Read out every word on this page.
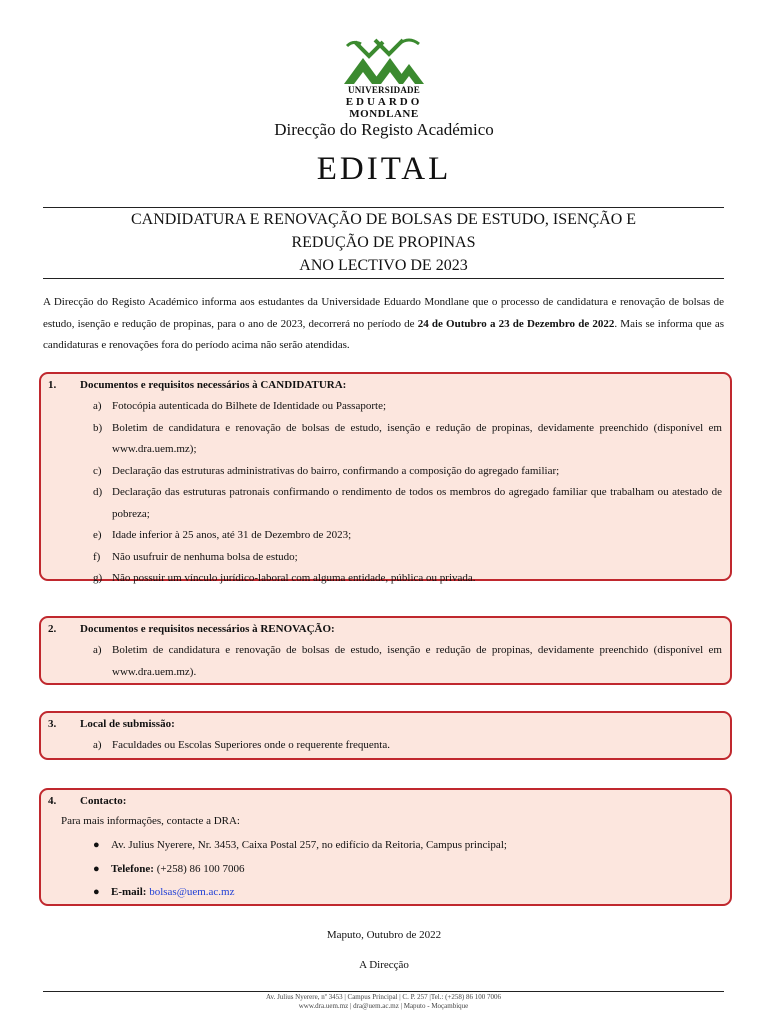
UNIVERSIDADE
EDUARDO
MONDLANE
Direcção do Registo Académico
EDITAL
CANDIDATURA E RENOVAÇÃO DE BOLSAS DE ESTUDO, ISENÇÃO E
REDUÇÃO DE PROPINAS
ANO LECTIVO DE 2023
A Direcção do Registo Académico informa aos estudantes da Universidade Eduardo Mondlane que o processo de candidatura e renovação de bolsas de estudo, isenção e redução de propinas, para o ano de 2023, decorrerá no período de 24 de Outubro a 23 de Dezembro de 2022. Mais se informa que as candidaturas e renovações fora do período acima não serão atendidas.
1. Documentos e requisitos necessários à CANDIDATURA:
a) Fotocópia autenticada do Bilhete de Identidade ou Passaporte;
b) Boletim de candidatura e renovação de bolsas de estudo, isenção e redução de propinas, devidamente preenchido (disponível em www.dra.uem.mz);
c) Declaração das estruturas administrativas do bairro, confirmando a composição do agregado familiar;
d) Declaração das estruturas patronais confirmando o rendimento de todos os membros do agregado familiar que trabalham ou atestado de pobreza;
e) Idade inferior à 25 anos, até 31 de Dezembro de 2023;
f) Não usufruir de nenhuma bolsa de estudo;
g) Não possuir um vínculo jurídico-laboral com alguma entidade, pública ou privada.
2. Documentos e requisitos necessários à RENOVAÇÃO:
a) Boletim de candidatura e renovação de bolsas de estudo, isenção e redução de propinas, devidamente preenchido (disponível em www.dra.uem.mz).
3. Local de submissão:
a) Faculdades ou Escolas Superiores onde o requerente frequenta.
4. Contacto:
Para mais informações, contacte a DRA:
● Av. Julius Nyerere, Nr. 3453, Caixa Postal 257, no edifício da Reitoria, Campus principal;
● Telefone: (+258) 86 100 7006
● E-mail: bolsas@uem.ac.mz
Maputo, Outubro de 2022
A Direcção
Av. Julius Nyerere, nº 3453 | Campus Principal | C. P. 257 |Tel.: (+258) 86 100 7006
www.dra.uem.mz | dra@uem.ac.mz | Maputo - Moçambique
